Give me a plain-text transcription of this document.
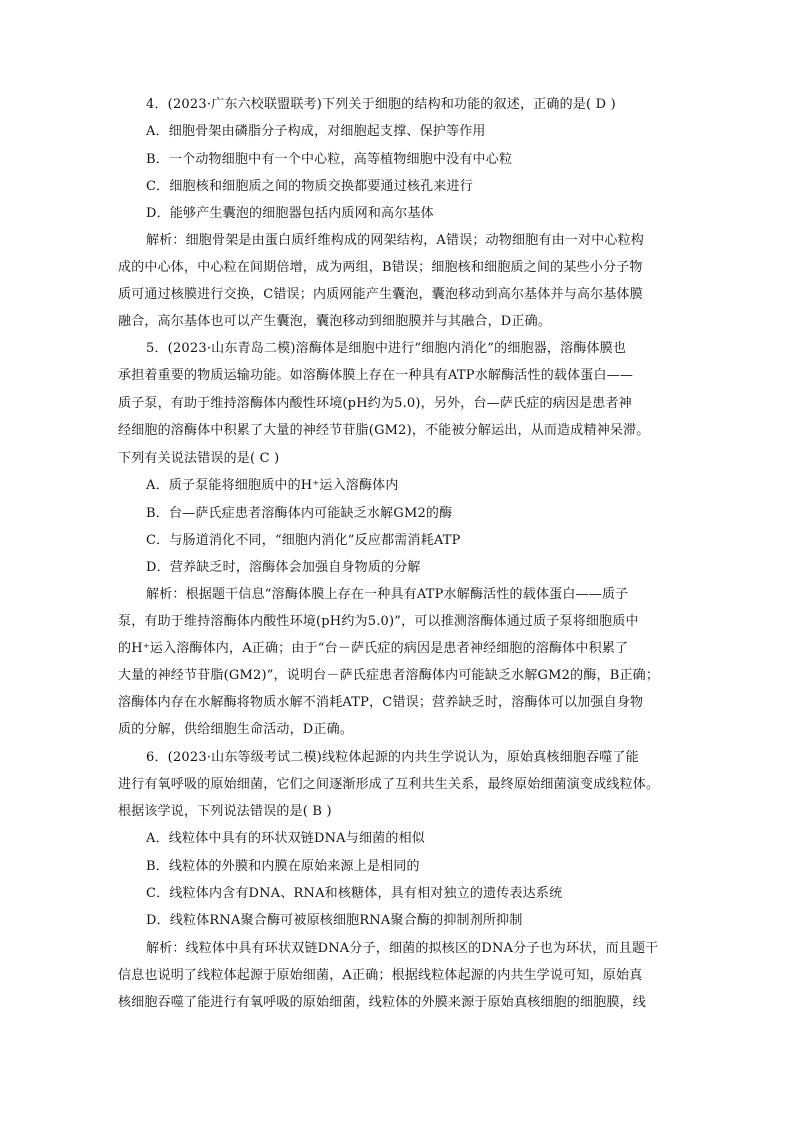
4．(2023·广东六校联盟联考)下列关于细胞的结构和功能的叙述，正确的是( D )
A．细胞骨架由磷脂分子构成，对细胞起支撑、保护等作用
B．一个动物细胞中有一个中心粒，高等植物细胞中没有中心粒
C．细胞核和细胞质之间的物质交换都要通过核孔来进行
D．能够产生囊泡的细胞器包括内质网和高尔基体
解析：细胞骨架是由蛋白质纤维构成的网架结构，A错误；动物细胞有由一对中心粒构
成的中心体，中心粒在间期倍增，成为两组，B错误；细胞核和细胞质之间的某些小分子物
质可通过核膜进行交换，C错误；内质网能产生囊泡，囊泡移动到高尔基体并与高尔基体膜
融合，高尔基体也可以产生囊泡，囊泡移动到细胞膜并与其融合，D正确。
5．(2023·山东青岛二模)溶酶体是细胞中进行“细胞内消化”的细胞器，溶酶体膜也
承担着重要的物质运输功能。如溶酶体膜上存在一种具有ATP水解酶活性的载体蛋白——
质子泵，有助于维持溶酶体内酸性环境(pH约为5.0)，另外，台—萨氏症的病因是患者神
经细胞的溶酶体中积累了大量的神经节苷脂(GM2)，不能被分解运出，从而造成精神呆滞。
下列有关说法错误的是( C )
A．质子泵能将细胞质中的H⁺运入溶酶体内
B．台—萨氏症患者溶酶体内可能缺乏水解GM2的酶
C．与肠道消化不同，“细胞内消化”反应都需消耗ATP
D．营养缺乏时，溶酶体会加强自身物质的分解
解析：根据题干信息“溶酶体膜上存在一种具有ATP水解酶活性的载体蛋白——质子
泵，有助于维持溶酶体内酸性环境(pH约为5.0)”，可以推测溶酶体通过质子泵将细胞质中
的H⁺运入溶酶体内，A正确；由于“台－萨氏症的病因是患者神经细胞的溶酶体中积累了
大量的神经节苷脂(GM2)”，说明台－萨氏症患者溶酶体内可能缺乏水解GM2的酶，B正确；
溶酶体内存在水解酶将物质水解不消耗ATP，C错误；营养缺乏时，溶酶体可以加强自身物
质的分解，供给细胞生命活动，D正确。
6．(2023·山东等级考试二模)线粒体起源的内共生学说认为，原始真核细胞吞噬了能
进行有氧呼吸的原始细菌，它们之间逐渐形成了互利共生关系，最终原始细菌演变成线粒体。
根据该学说，下列说法错误的是( B )
A．线粒体中具有的环状双链DNA与细菌的相似
B．线粒体的外膜和内膜在原始来源上是相同的
C．线粒体内含有DNA、RNA和核糖体，具有相对独立的遗传表达系统
D．线粒体RNA聚合酶可被原核细胞RNA聚合酶的抑制剂所抑制
解析：线粒体中具有环状双链DNA分子，细菌的拟核区的DNA分子也为环状，而且题干
信息也说明了线粒体起源于原始细菌，A正确；根据线粒体起源的内共生学说可知，原始真
核细胞吞噬了能进行有氧呼吸的原始细菌，线粒体的外膜来源于原始真核细胞的细胞膜，线
